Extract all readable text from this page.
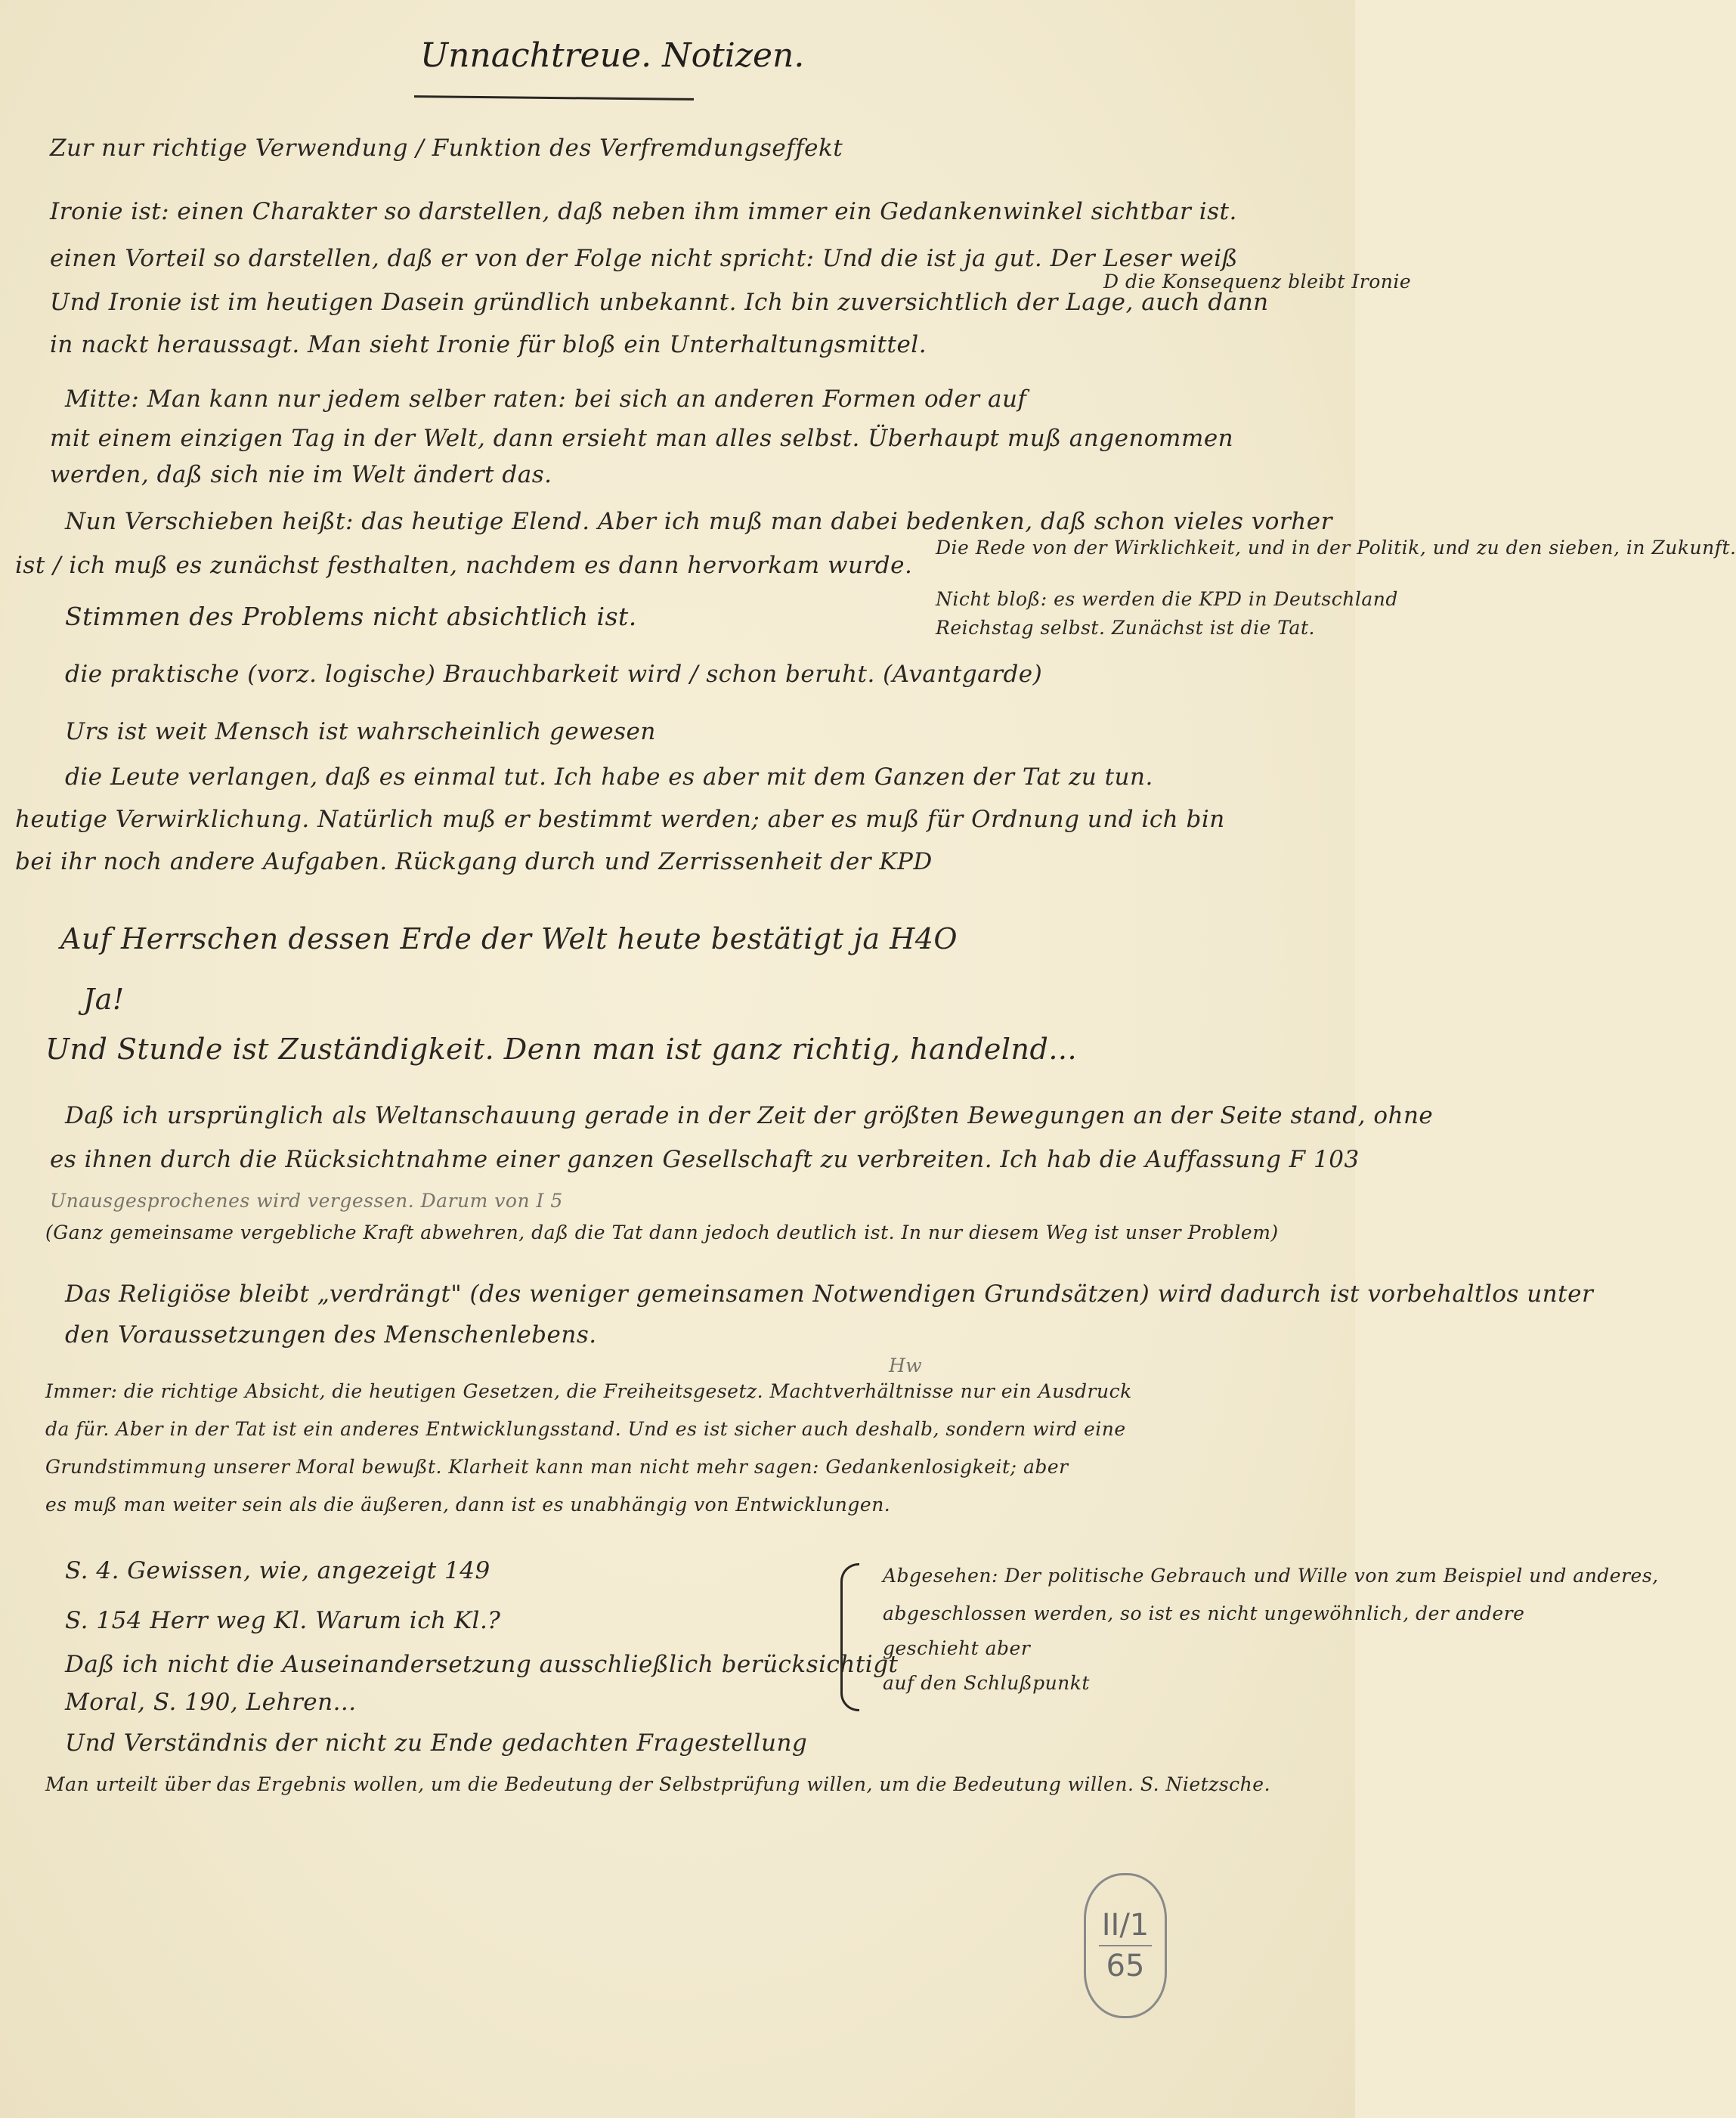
Unnachtreue. Notizen.
Zur nur richtige Verwendung / Funktion des Verfremdungseffekt
Ironie ist: einen Charakter so darstellen, daß neben ihm immer ein Gedankenwinkel sichtbar ist.
einen Vorteil so darstellen, daß er von der Folge nicht spricht: Und die ist ja gut. Der Leser weiß
Und Ironie ist im heutigen Dasein gründlich unbekannt. Ich bin zuversichtlich der Lage, auch dann
in nackt heraussagt. Man sieht Ironie für bloß ein Unterhaltungsmittel.
Mitte: Man kann nur jedem selber raten: bei sich an anderen Formen oder auf
mit einem einzigen Tag in der Welt, dann ersieht man alles selbst. Überhaupt muß angenommen
werden, daß sich nie im Welt ändert das.
Nun Verschieben heißt: das heutige Elend. Aber ich muß man dabei bedenken, daß schon vieles vorher
ist / ich muß es zunächst festhalten, nachdem es dann hervorkam wurde.
Stimmen des Problems nicht absichtlich ist.
die praktische (vorz. logische) Brauchbarkeit wird / schon beruht. (Avantgarde)
Urs ist weit Mensch ist wahrscheinlich gewesen
die Leute verlangen, daß es einmal tut. Ich habe es aber mit dem Ganzen der Tat zu tun.
heutige Verwirklichung. Natürlich muß er bestimmt werden; aber es muß für Ordnung und ich bin
bei ihr noch andere Aufgaben. Rückgang durch und Zerrissenheit der KPD
Auf Herrschen dessen Erde der Welt heute bestätigt ja H4O
Ja!
Und Stunde ist Zuständigkeit. Denn man ist ganz richtig, handelnd...
Daß ich ursprünglich als Weltanschauung gerade in der Zeit der größten Bewegungen an der Seite stand, ohne
es ihnen durch die Rücksichtnahme einer ganzen Gesellschaft zu verbreiten. Ich hab die Auffassung F 103
Unausgesprochenes wird vergessen. Darum von I 5
(Ganz gemeinsame vergebliche Kraft abwehren, daß die Tat dann jedoch deutlich ist. In nur diesem Weg ist unser Problem)
Das Religiöse bleibt „verdrängt" (des weniger gemeinsamen Notwendigen Grundsätzen) wird dadurch ist vorbehaltlos unter
den Voraussetzungen des Menschenlebens.
Immer: die richtige Absicht, die heutigen Gesetzen, die Freiheitsgesetz. Machtverhältnisse nur ein Ausdruck
da für. Aber in der Tat ist ein anderes Entwicklungsstand. Und es ist sicher auch deshalb, sondern wird eine
Grundstimmung unserer Moral bewußt. Klarheit kann man nicht mehr sagen: Gedankenlosigkeit; aber
es muß man weiter sein als die äußeren, dann ist es unabhängig von Entwicklungen.
S. 4. Gewissen, wie, angezeigt 149
S. 154 Herr weg Kl. Warum ich Kl.?
Daß ich nicht die Auseinandersetzung ausschließlich berücksichtigt
Moral, S. 190, Lehren...
Und Verständnis der nicht zu Ende gedachten Fragestellung
Man urteilt über das Ergebnis wollen, um die Bedeutung der Selbstprüfung willen, um die Bedeutung willen. S. Nietzsche.
D die Konsequenz bleibt Ironie
Die Rede von der Wirklichkeit, und in der Politik, und zu den sieben, in Zukunft.
Nicht bloß: es werden die KPD in Deutschland
Reichstag selbst. Zunächst ist die Tat.
Abgesehen: Der politische Gebrauch und Wille von zum Beispiel und anderes,
abgeschlossen werden, so ist es nicht ungewöhnlich, der andere
geschieht aber
auf den Schlußpunkt
Hw
II/1
65
